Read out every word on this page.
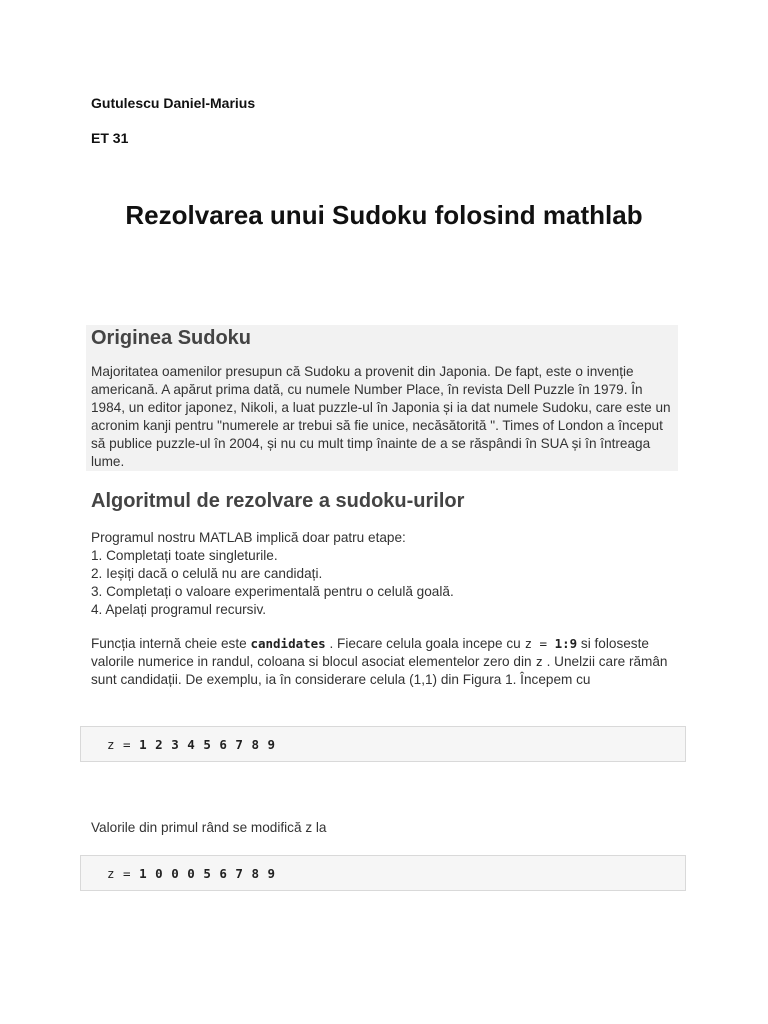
Gutulescu Daniel-Marius

ET 31

Rezolvarea unui Sudoku folosind mathlab
Originea Sudoku

Majoritatea oamenilor presupun că Sudoku a provenit din Japonia. De fapt, este o invenție americană. A apărut prima dată, cu numele Number Place, în revista Dell Puzzle în 1979. În 1984, un editor japonez, Nikoli, a luat puzzle-ul în Japonia și ia dat numele Sudoku, care este un acronim kanji pentru "numerele ar trebui să fie unice, necăsătorită ". Times of London a început să publice puzzle-ul în 2004, și nu cu mult timp înainte de a se răspândi în SUA și în întreaga lume.

Algoritmul de rezolvare a sudoku-urilor
Programul nostru MATLAB implică doar patru etape:
1. Completați toate singleturile.
2. Ieșiți dacă o celulă nu are candidați.
3. Completați o valoare experimentală pentru o celulă goală.
4. Apelați programul recursiv.

Funcția internă cheie este candidates . Fiecare celula goala incepe cu z = 1:9 si foloseste valorile numerice in randul, coloana si blocul asociat elementelor zero din z . Unelzii care rămân sunt candidații. De exemplu, ia în considerare celula (1,1) din Figura 1. Începem cu

z = 1 2 3 4 5 6 7 8 9

Valorile din primul rând se modifică z la

z = 1 0 0 0 5 6 7 8 9
